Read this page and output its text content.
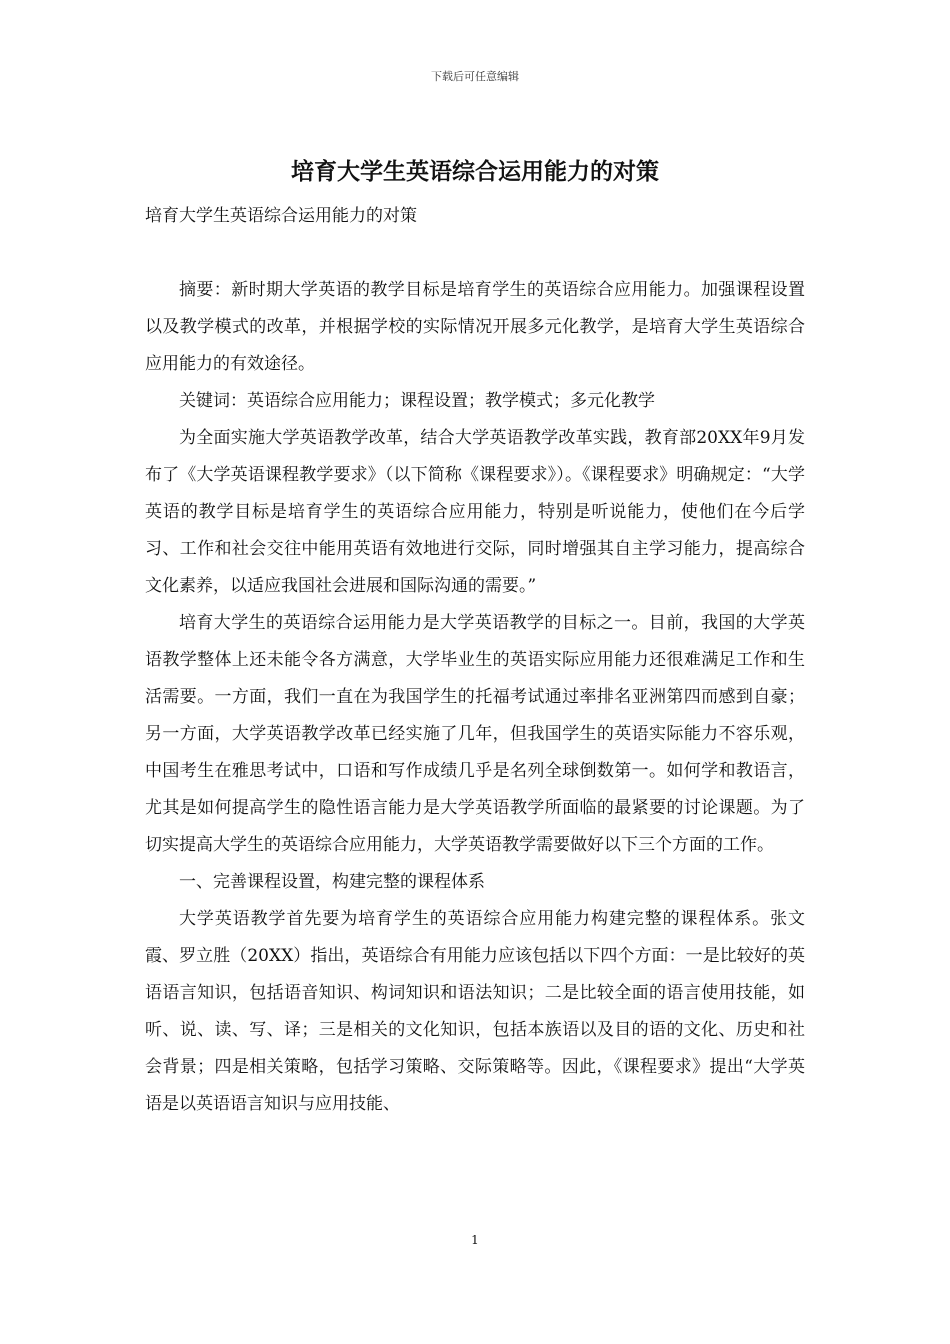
下载后可任意编辑
培育大学生英语综合运用能力的对策

培育大学生英语综合运用能力的对策

摘要：新时期大学英语的教学目标是培育学生的英语综合应用能力。加强课程设置以及教学模式的改革，并根据学校的实际情况开展多元化教学，是培育大学生英语综合应用能力的有效途径。

关键词：英语综合应用能力；课程设置；教学模式；多元化教学

为全面实施大学英语教学改革，结合大学英语教学改革实践，教育部20XX年9月发布了《大学英语课程教学要求》（以下简称《课程要求》）。《课程要求》明确规定：“大学英语的教学目标是培育学生的英语综合应用能力，特别是听说能力，使他们在今后学习、工作和社会交往中能用英语有效地进行交际，同时增强其自主学习能力，提高综合文化素养，以适应我国社会进展和国际沟通的需要。”

培育大学生的英语综合运用能力是大学英语教学的目标之一。目前，我国的大学英语教学整体上还未能令各方满意，大学毕业生的英语实际应用能力还很难满足工作和生活需要。一方面，我们一直在为我国学生的托福考试通过率排名亚洲第四而感到自豪；另一方面，大学英语教学改革已经实施了几年，但我国学生的英语实际能力不容乐观，中国考生在雅思考试中，口语和写作成绩几乎是名列全球倒数第一。如何学和教语言，尤其是如何提高学生的隐性语言能力是大学英语教学所面临的最紧要的讨论课题。为了切实提高大学生的英语综合应用能力，大学英语教学需要做好以下三个方面的工作。

一、完善课程设置，构建完整的课程体系

大学英语教学首先要为培育学生的英语综合应用能力构建完整的课程体系。张文霞、罗立胜（20XX）指出，英语综合有用能力应该包括以下四个方面：一是比较好的英语语言知识，包括语音知识、构词知识和语法知识；二是比较全面的语言使用技能，如听、说、读、写、译；三是相关的文化知识，包括本族语以及目的语的文化、历史和社会背景；四是相关策略，包括学习策略、交际策略等。因此，《课程要求》提出“大学英语是以英语语言知识与应用技能、

1
